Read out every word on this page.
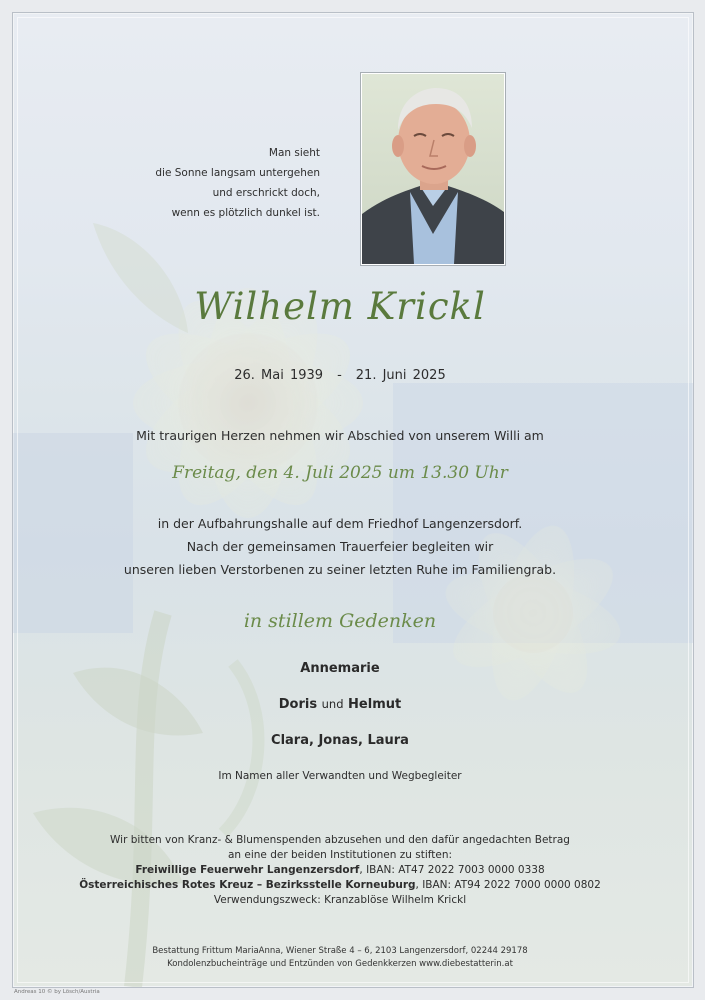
Man sieht
die Sonne langsam untergehen
und erschrickt doch,
wenn es plötzlich dunkel ist.
Wilhelm Krickl
26. Mai 1939 - 21. Juni 2025
Mit traurigen Herzen nehmen wir Abschied von unserem Willi am
Freitag, den 4. Juli 2025 um 13.30 Uhr
in der Aufbahrungshalle auf dem Friedhof Langenzersdorf.
Nach der gemeinsamen Trauerfeier begleiten wir
unseren lieben Verstorbenen zu seiner letzten Ruhe im Familiengrab.
in stillem Gedenken
Annemarie
Doris und Helmut
Clara, Jonas, Laura
Im Namen aller Verwandten und Wegbegleiter
Wir bitten von Kranz- & Blumenspenden abzusehen und den dafür angedachten Betrag
an eine der beiden Institutionen zu stiften:
Freiwillige Feuerwehr Langenzersdorf, IBAN: AT47 2022 7003 0000 0338
Österreichisches Rotes Kreuz – Bezirksstelle Korneuburg, IBAN: AT94 2022 7000 0000 0802
Verwendungszweck: Kranzablöse Wilhelm Krickl
Bestattung Frittum MariaAnna, Wiener Straße 4 – 6, 2103 Langenzersdorf, 02244 29178
Kondolenzbucheinträge und Entzünden von Gedenkkerzen www.diebestatterin.at
Andreas 10 © by Lösch/Austria
